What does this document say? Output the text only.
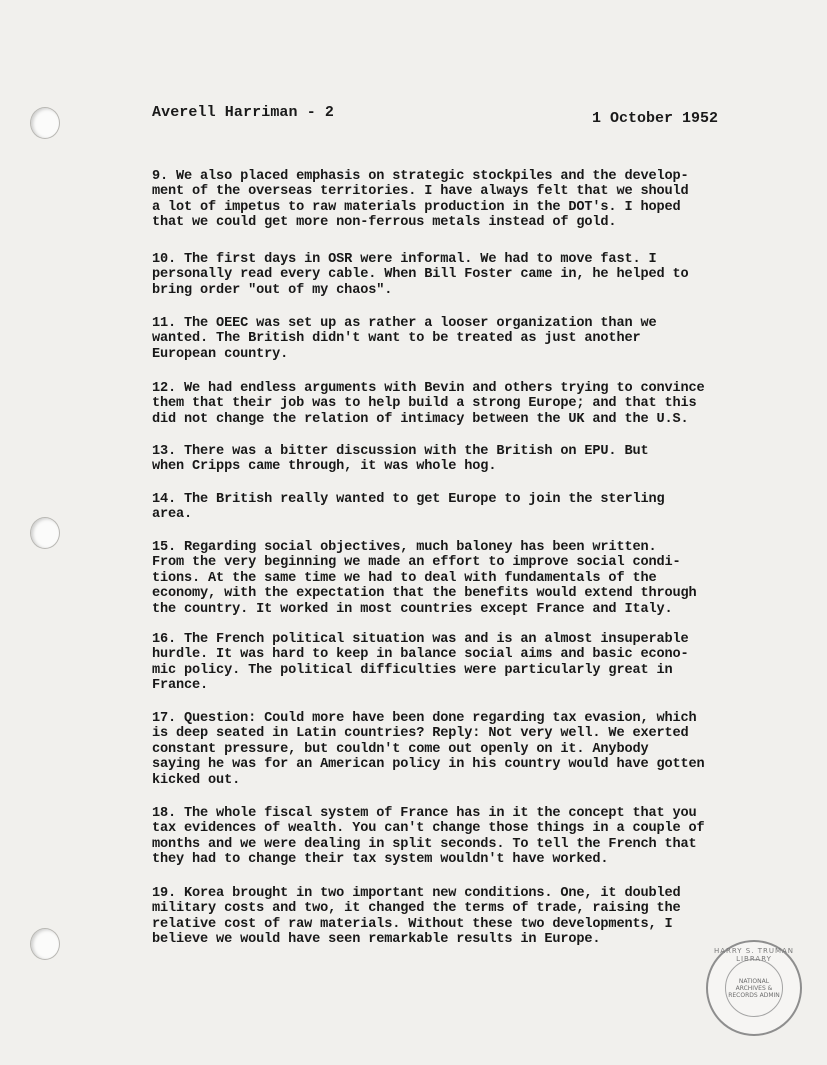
Averell Harriman - 2	1 October 1952

9. We also placed emphasis on strategic stockpiles and the develop-
ment of the overseas territories. I have always felt that we should
a lot of impetus to raw materials production in the DOT's. I hoped
that we could get more non-ferrous metals instead of gold.

10. The first days in OSR were informal. We had to move fast. I
personally read every cable. When Bill Foster came in, he helped to
bring order "out of my chaos".

11. The OEEC was set up as rather a looser organization than we
wanted. The British didn't want to be treated as just another
European country.

12. We had endless arguments with Bevin and others trying to convince
them that their job was to help build a strong Europe; and that this
did not change the relation of intimacy between the UK and the U.S.

13. There was a bitter discussion with the British on EPU. But
when Cripps came through, it was whole hog.

14. The British really wanted to get Europe to join the sterling
area.

15. Regarding social objectives, much baloney has been written.
From the very beginning we made an effort to improve social condi-
tions. At the same time we had to deal with fundamentals of the
economy, with the expectation that the benefits would extend through
the country. It worked in most countries except France and Italy.

16. The French political situation was and is an almost insuperable
hurdle. It was hard to keep in balance social aims and basic econo-
mic policy. The political difficulties were particularly great in
France.

17. Question: Could more have been done regarding tax evasion, which
is deep seated in Latin countries? Reply: Not very well. We exerted
constant pressure, but couldn't come out openly on it. Anybody
saying he was for an American policy in his country would have gotten
kicked out.

18. The whole fiscal system of France has in it the concept that you
tax evidences of wealth. You can't change those things in a couple of
months and we were dealing in split seconds. To tell the French that
they had to change their tax system wouldn't have worked.

19. Korea brought in two important new conditions. One, it doubled
military costs and two, it changed the terms of trade, raising the
relative cost of raw materials. Without these two developments, I
believe we would have seen remarkable results in Europe.

HARRY S. TRUMAN LIBRARY
NATIONAL ARCHIVES & RECORDS ADMIN
